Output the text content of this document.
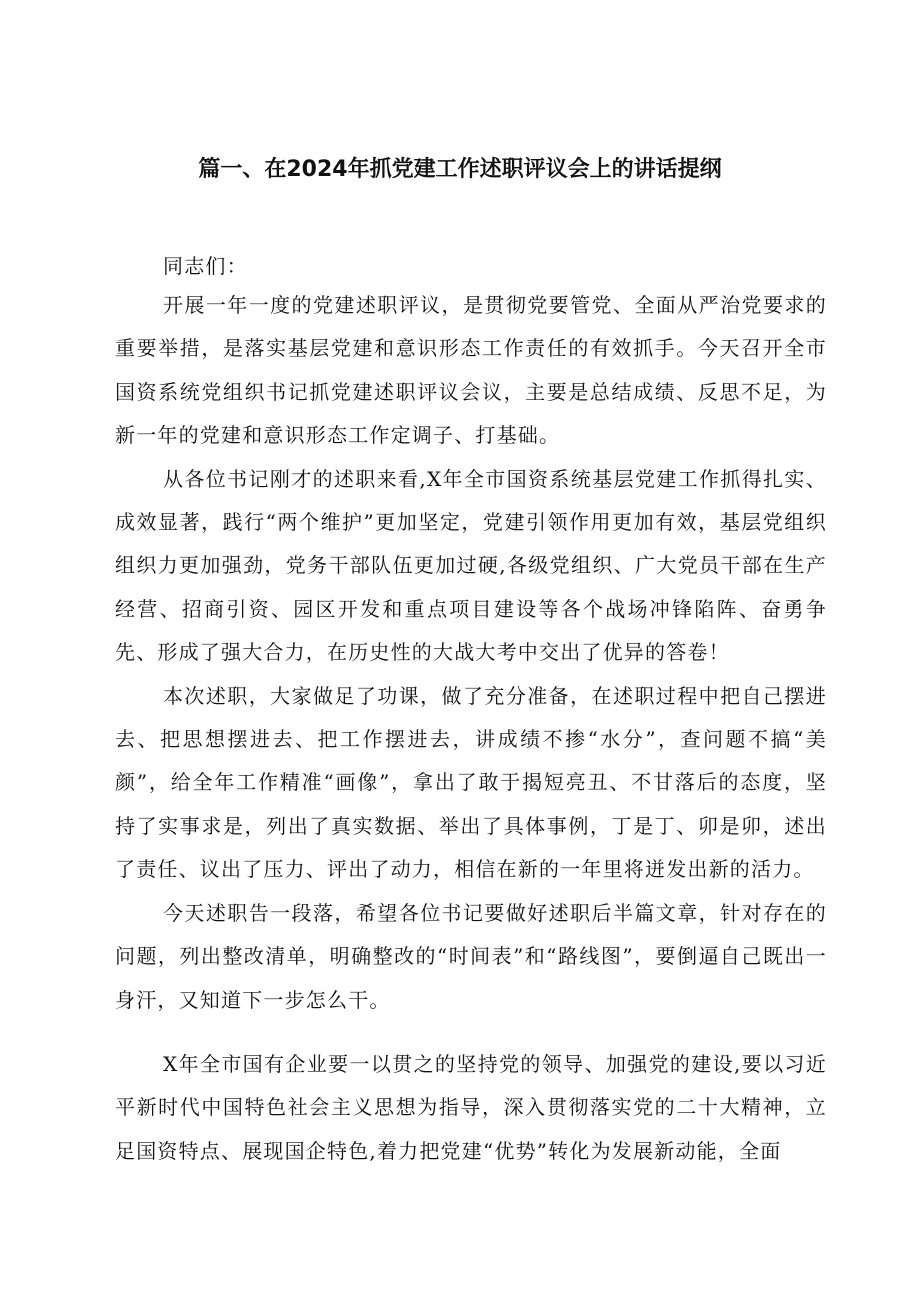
篇一、在2024年抓党建工作述职评议会上的讲话提纲

同志们：

开展一年一度的党建述职评议，是贯彻党要管党、全面从严治党要求的重要举措，是落实基层党建和意识形态工作责任的有效抓手。今天召开全市国资系统党组织书记抓党建述职评议会议，主要是总结成绩、反思不足，为新一年的党建和意识形态工作定调子、打基础。

从各位书记刚才的述职来看,X年全市国资系统基层党建工作抓得扎实、成效显著，践行“两个维护”更加坚定，党建引领作用更加有效，基层党组织组织力更加强劲，党务干部队伍更加过硬,各级党组织、广大党员干部在生产经营、招商引资、园区开发和重点项目建设等各个战场冲锋陷阵、奋勇争先、形成了强大合力，在历史性的大战大考中交出了优异的答卷！

本次述职，大家做足了功课，做了充分准备，在述职过程中把自己摆进去、把思想摆进去、把工作摆进去，讲成绩不掺“水分”，查问题不搞“美颜”，给全年工作精准“画像”，拿出了敢于揭短亮丑、不甘落后的态度，坚持了实事求是，列出了真实数据、举出了具体事例，丁是丁、卯是卯，述出了责任、议出了压力、评出了动力，相信在新的一年里将迸发出新的活力。

今天述职告一段落，希望各位书记要做好述职后半篇文章，针对存在的问题，列出整改清单，明确整改的“时间表”和“路线图”，要倒逼自己既出一身汗，又知道下一步怎么干。

X年全市国有企业要一以贯之的坚持党的领导、加强党的建设,要以习近平新时代中国特色社会主义思想为指导，深入贯彻落实党的二十大精神，立足国资特点、展现国企特色,着力把党建“优势”转化为发展新动能，全面
